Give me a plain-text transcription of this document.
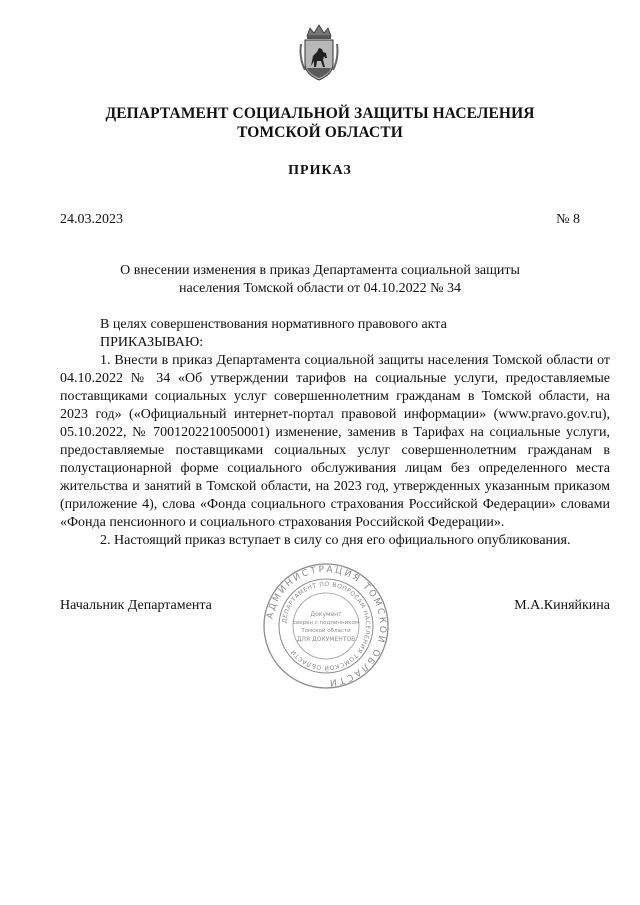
ДЕПАРТАМЕНТ СОЦИАЛЬНОЙ ЗАЩИТЫ НАСЕЛЕНИЯ
ТОМСКОЙ ОБЛАСТИ
ПРИКАЗ
24.03.2023	№ 8
О внесении изменения в приказ Департамента социальной защиты
населения Томской области от 04.10.2022 № 34

В целях совершенствования нормативного правового акта

ПРИКАЗЫВАЮ:

1. Внести в приказ Департамента социальной защиты населения Томской области от 04.10.2022 № 34 «Об утверждении тарифов на социальные услуги, предоставляемые поставщиками социальных услуг совершеннолетним гражданам в Томской области, на 2023 год» («Официальный интернет-портал правовой информации» (www.pravo.gov.ru), 05.10.2022, № 7001202210050001) изменение, заменив в Тарифах на социальные услуги, предоставляемые поставщиками социальных услуг совершеннолетним гражданам в полустационарной форме социального обслуживания лицам без определенного места жительства и занятий в Томской области, на 2023 год, утвержденных указанным приказом (приложение 4), слова «Фонда социального страхования Российской Федерации» словами «Фонда пенсионного и социального страхования Российской Федерации».

2. Настоящий приказ вступает в силу со дня его официального опубликования.

АДМИНИСТРАЦИЯ ТОМСКОЙ ОБЛАСТИ
ДЕПАРТАМЕНТ ПО ВОПРОСАМ НАСЕЛЕНИЯ ТОМСКОЙ ОБЛАСТИ
Документ
сверен с подлинником
Томской области
ДЛЯ ДОКУМЕНТОВ
Начальник Департамента	М.А.Киняйкина
